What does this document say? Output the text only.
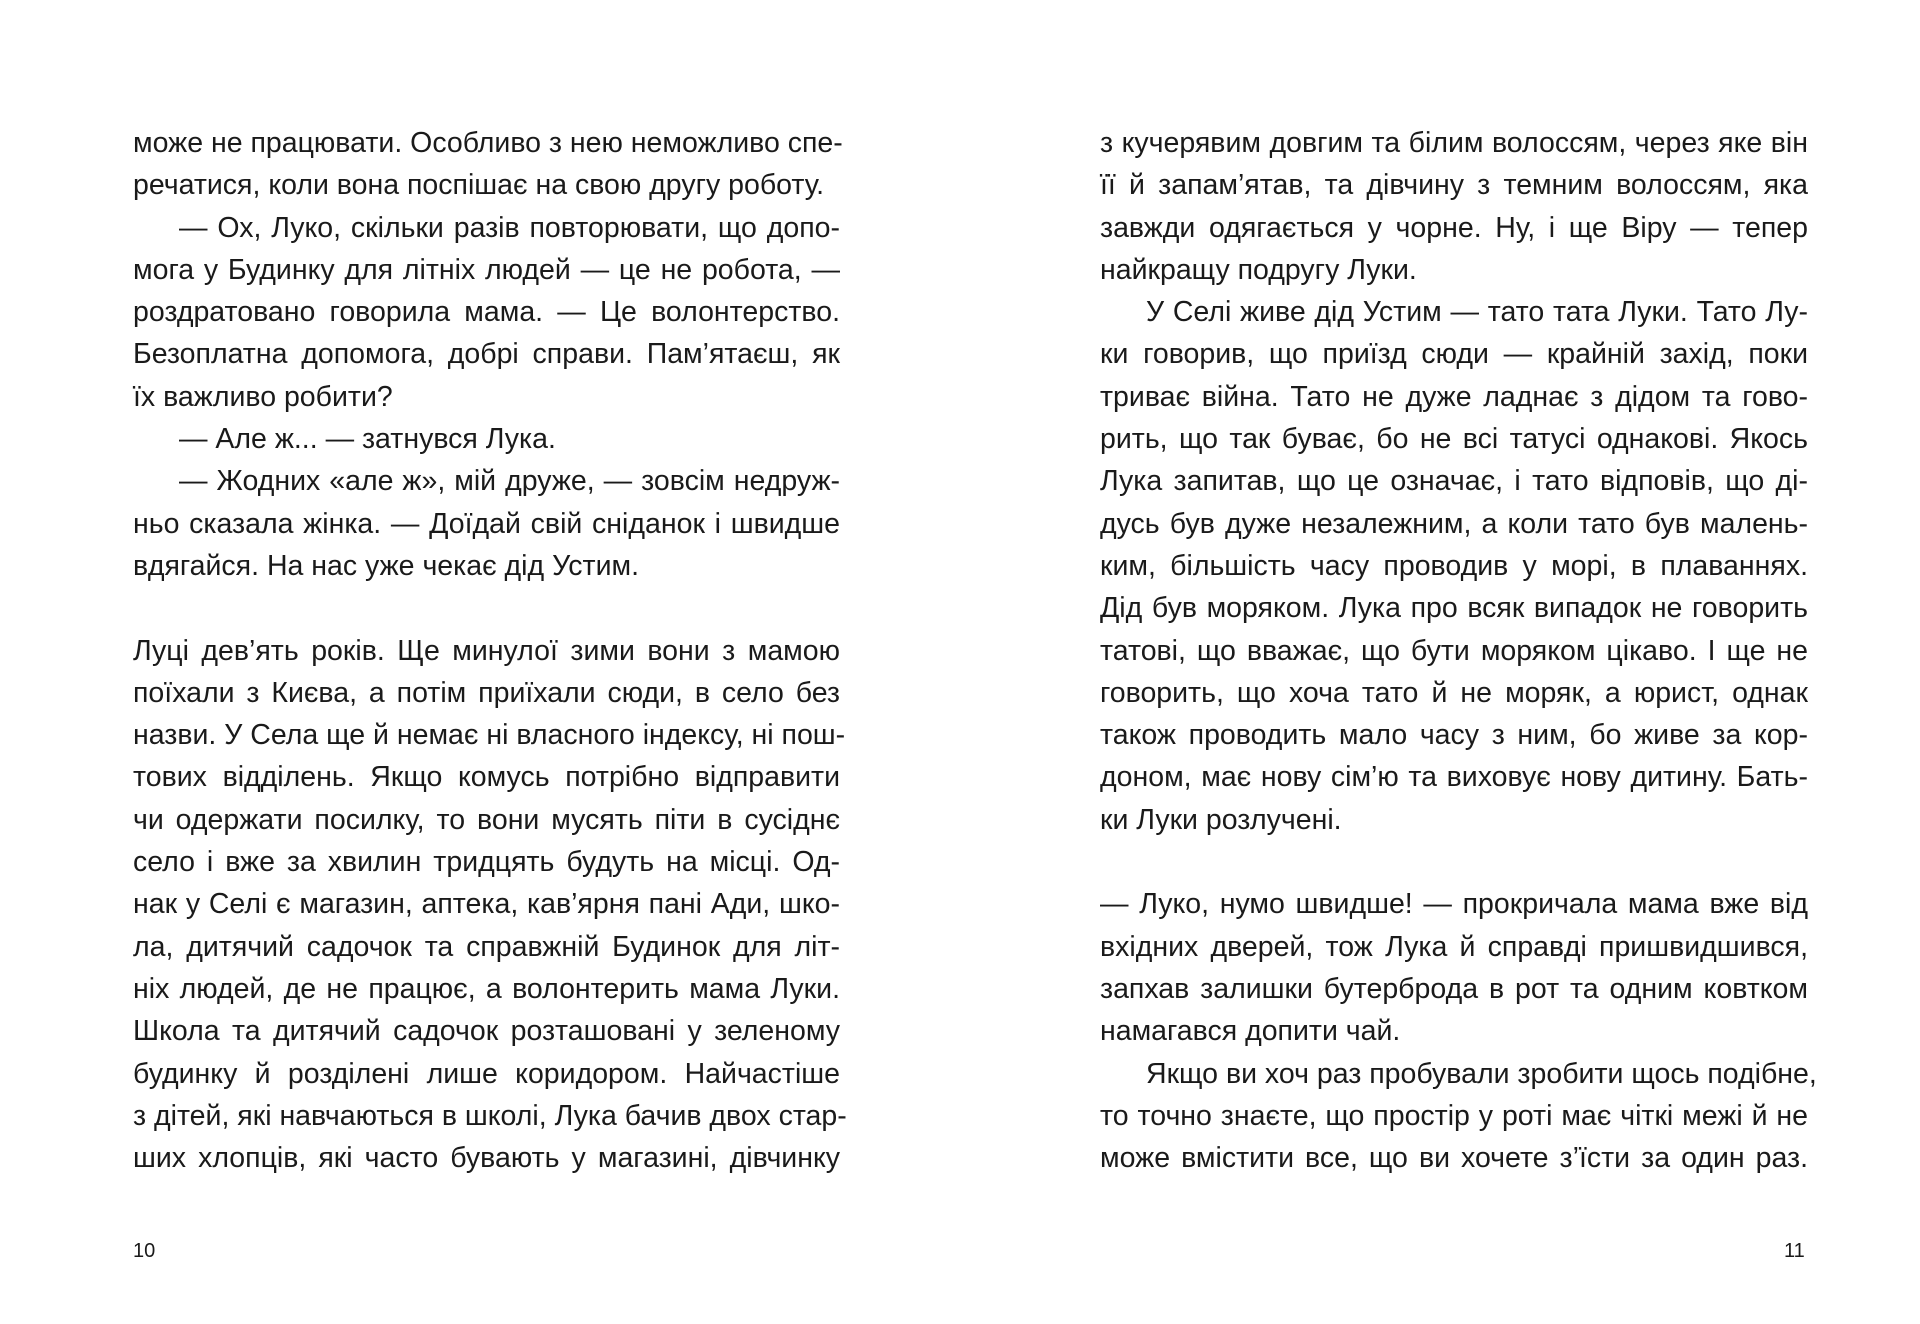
може не працювати. Особливо з нею неможливо спе-
речатися, коли вона поспішає на свою другу роботу.
— Ох, Луко, скільки разів повторювати, що допо-
мога у Будинку для літніх людей — це не робота, —
роздратовано говорила мама. — Це волонтерство.
Безоплатна допомога, добрі справи. Пам’ятаєш, як
їх важливо робити?
— Але ж... — затнувся Лука.
— Жодних «але ж», мій друже, — зовсім недруж-
ньо сказала жінка. — Доїдай свій сніданок і швидше
вдягайся. На нас уже чекає дід Устим.
Луці дев’ять років. Ще минулої зими вони з мамою
поїхали з Києва, а потім приїхали сюди, в село без
назви. У Села ще й немає ні власного індексу, ні пош-
тових відділень. Якщо комусь потрібно відправити
чи одержати посилку, то вони мусять піти в сусіднє
село і вже за хвилин тридцять будуть на місці. Од-
нак у Селі є магазин, аптека, кав’ярня пані Ади, шко-
ла, дитячий садочок та справжній Будинок для літ-
ніх людей, де не працює, а волонтерить мама Луки.
Школа та дитячий садочок розташовані у зеленому
будинку й розділені лише коридором. Найчастіше
з дітей, які навчаються в школі, Лука бачив двох стар-
ших хлопців, які часто бувають у магазині, дівчинку
10
з кучерявим довгим та білим волоссям, через яке він
її й запам’ятав, та дівчину з темним волоссям, яка
завжди одягається у чорне. Ну, і ще Віру — тепер
найкращу подругу Луки.
У Селі живе дід Устим — тато тата Луки. Тато Лу-
ки говорив, що приїзд сюди — крайній захід, поки
триває війна. Тато не дуже ладнає з дідом та гово-
рить, що так буває, бо не всі татусі однакові. Якось
Лука запитав, що це означає, і тато відповів, що ді-
дусь був дуже незалежним, а коли тато був малень-
ким, більшість часу проводив у морі, в плаваннях.
Дід був моряком. Лука про всяк випадок не говорить
татові, що вважає, що бути моряком цікаво. І ще не
говорить, що хоча тато й не моряк, а юрист, однак
також проводить мало часу з ним, бо живе за кор-
доном, має нову сім’ю та виховує нову дитину. Бать-
ки Луки розлучені.
— Луко, нумо швидше! — прокричала мама вже від
вхідних дверей, тож Лука й справді пришвидшився,
запхав залишки бутерброда в рот та одним ковтком
намагався допити чай.
Якщо ви хоч раз пробували зробити щось подібне,
то точно знаєте, що простір у роті має чіткі межі й не
може вмістити все, що ви хочете з’їсти за один раз.
11
